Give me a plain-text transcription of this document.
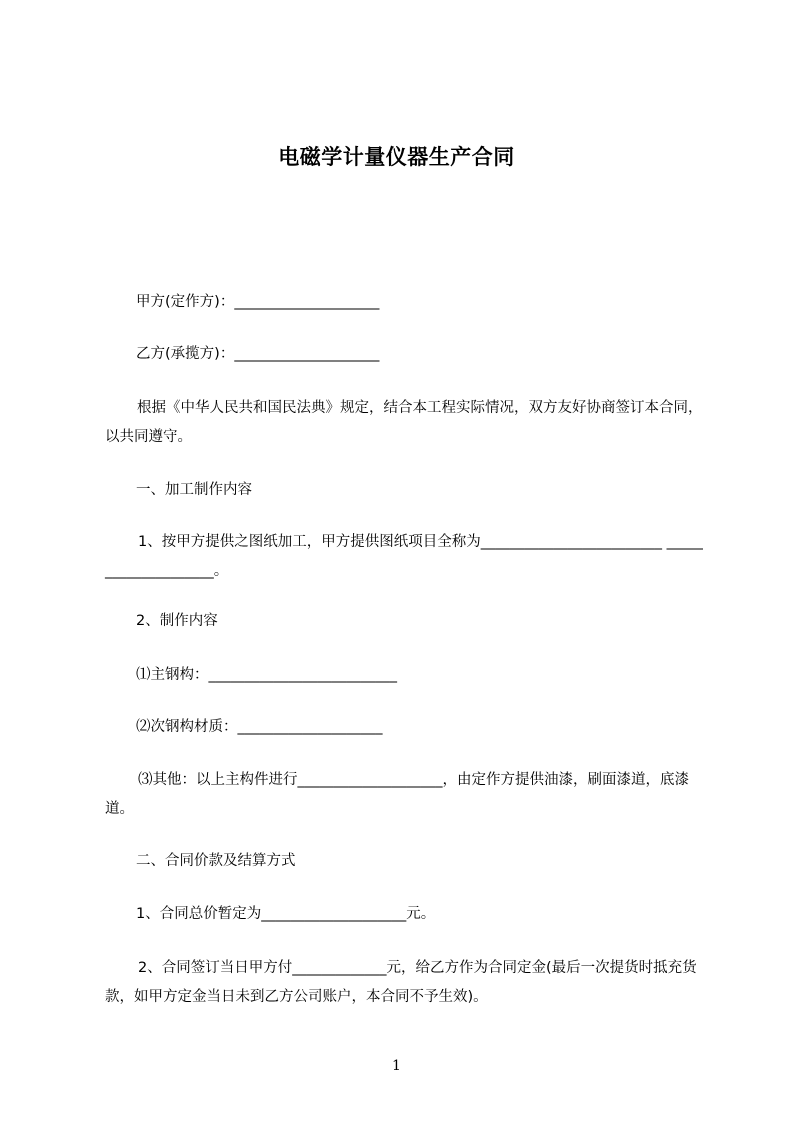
电磁学计量仪器生产合同
甲方(定作方)：____________________
乙方(承揽方)：____________________
根据《中华人民共和国民法典》规定，结合本工程实际情况，双方友好协商签订本合同，以共同遵守。
一、加工制作内容
1、按甲方提供之图纸加工，甲方提供图纸项目全称为_________________________ ____________________。
2、制作内容
⑴主钢构：__________________________
⑵次钢构材质：____________________
⑶其他：以上主构件进行____________________，由定作方提供油漆，刷面漆道，底漆道。
二、合同价款及结算方式
1、合同总价暂定为____________________元。
2、合同签订当日甲方付_____________元，给乙方作为合同定金(最后一次提货时抵充货款，如甲方定金当日未到乙方公司账户，本合同不予生效)。
1
